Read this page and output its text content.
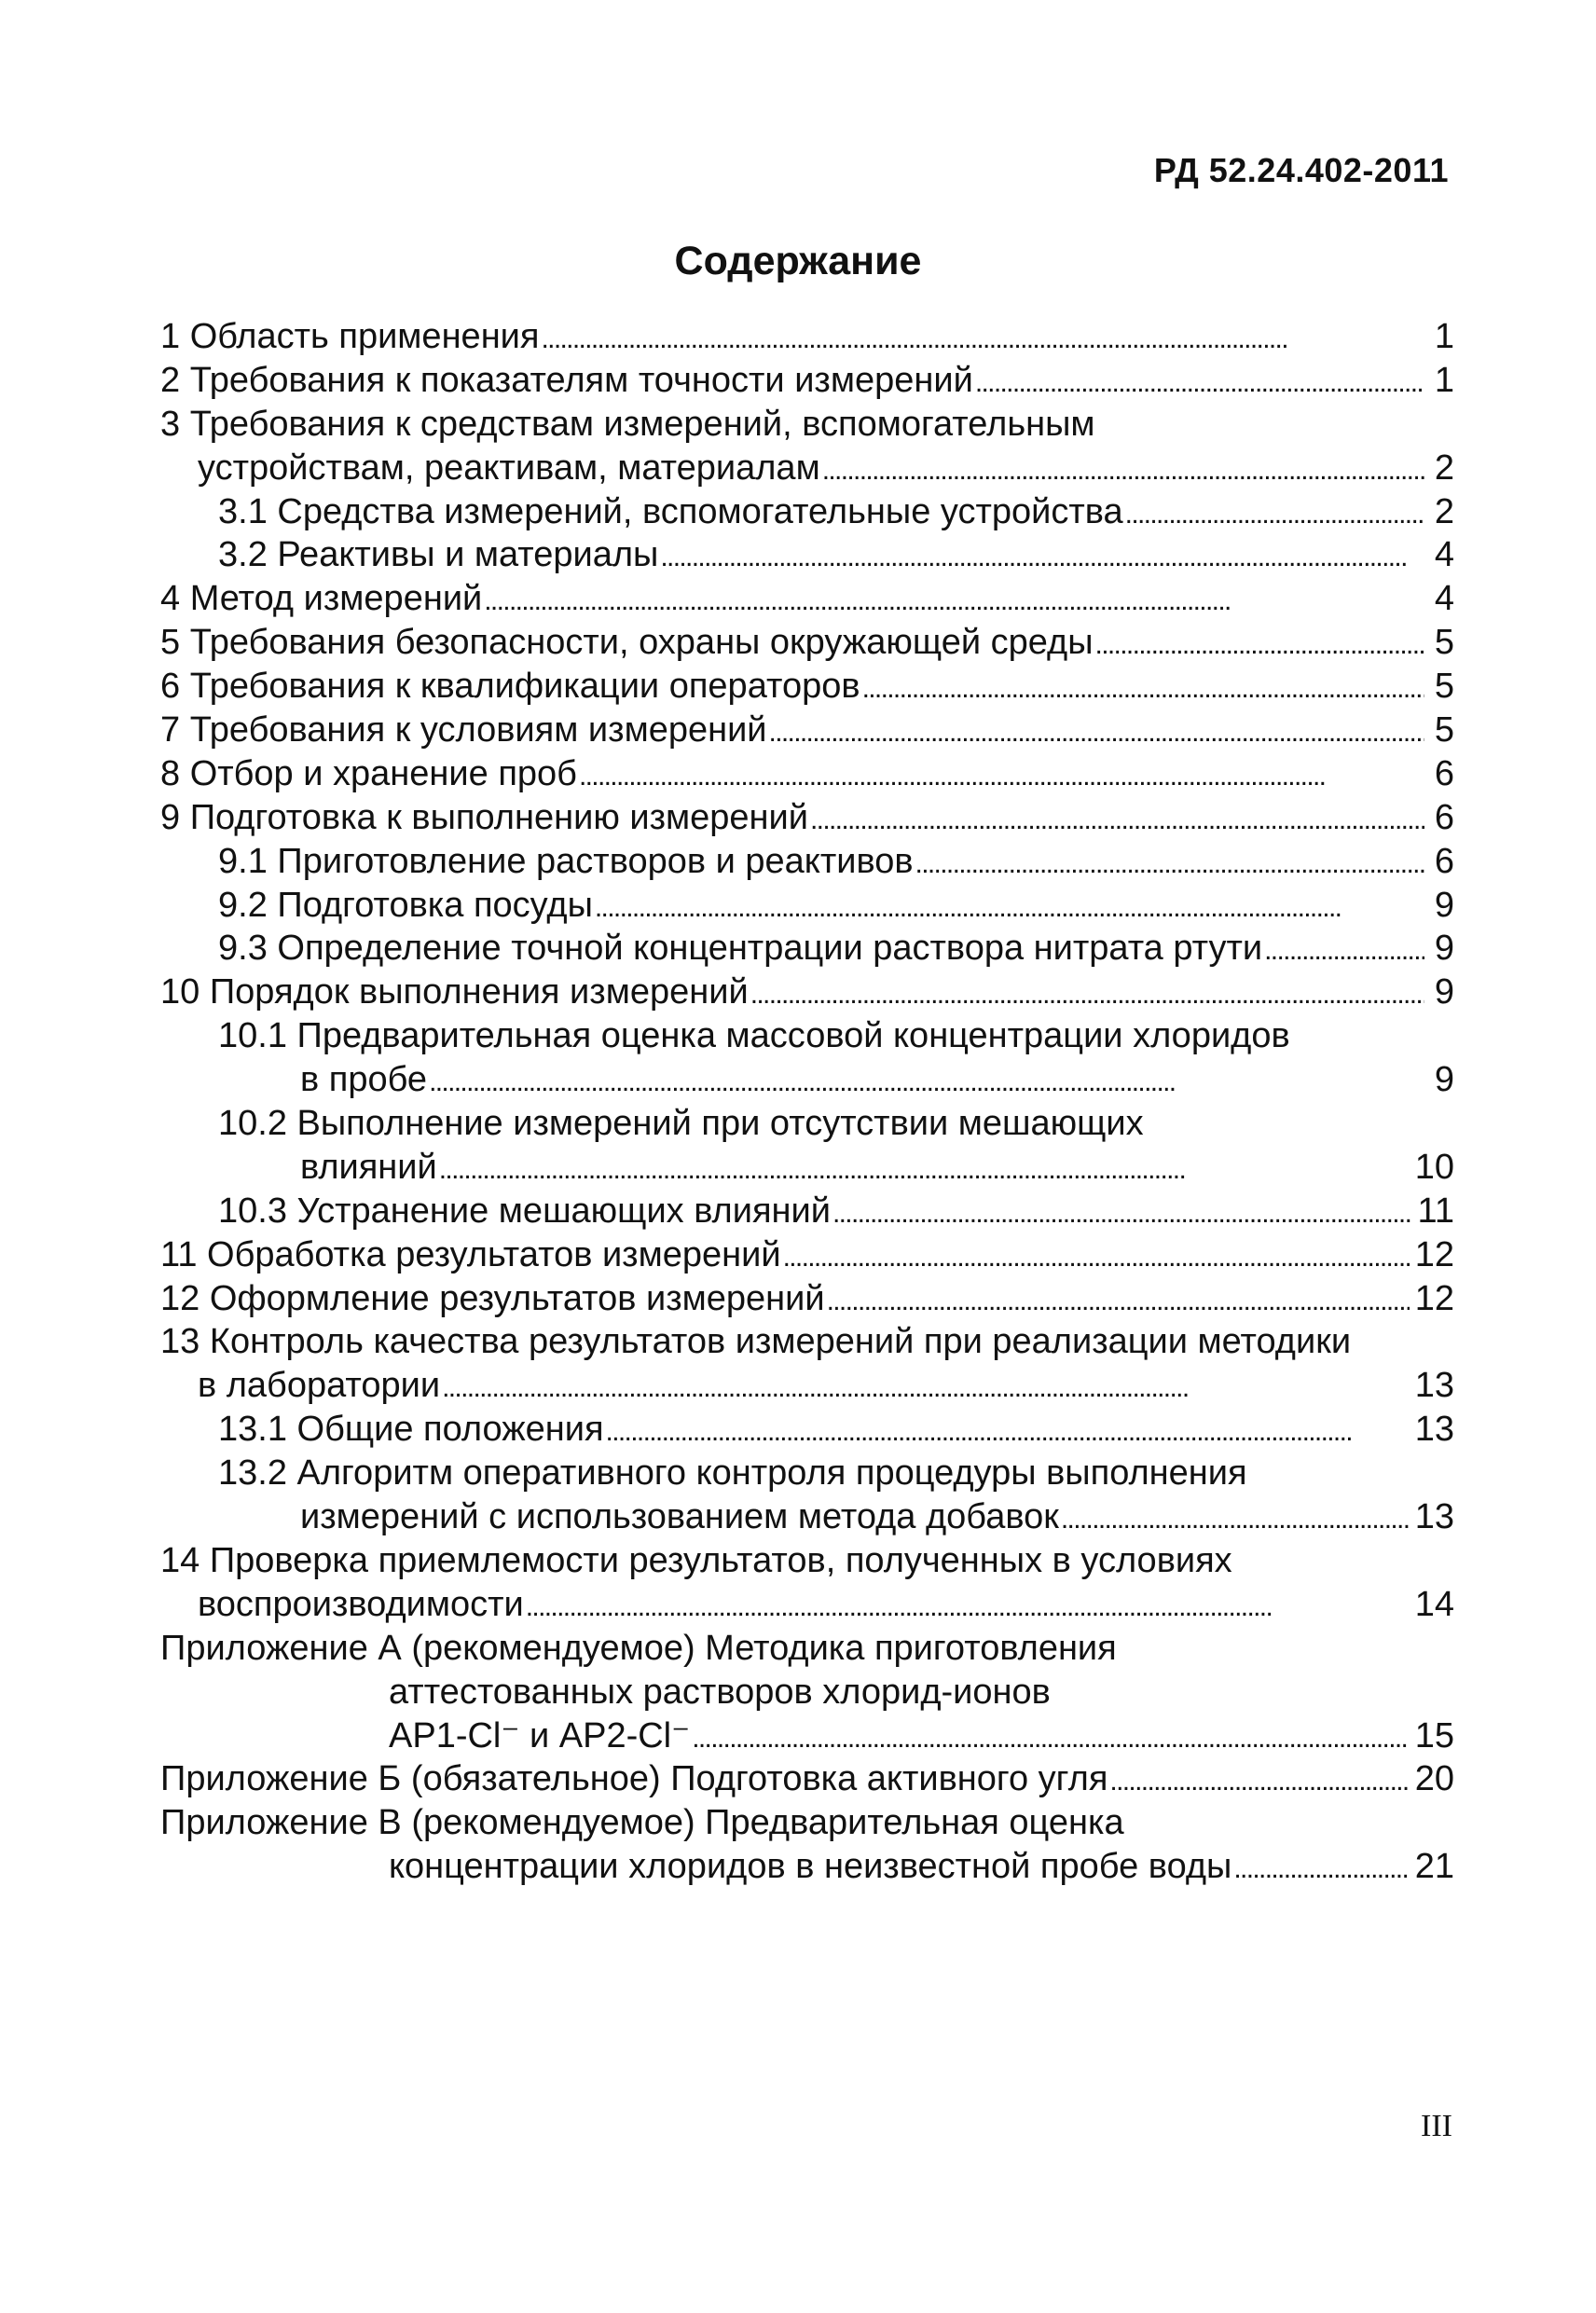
РД 52.24.402-2011
Содержание
1 Область применения . . .	1
2 Требования к показателям точности измерений . . .	1
3 Требования к средствам измерений, вспомогательным
устройствам, реактивам, материалам . . .	2
3.1 Средства измерений, вспомогательные устройства . . .	2
3.2 Реактивы и материалы . . .	4
4 Метод измерений . . .	4
5 Требования безопасности, охраны окружающей среды . . .	5
6 Требования к квалификации операторов . . .	5
7 Требования к условиям измерений . . .	5
8 Отбор и хранение проб . . .	6
9 Подготовка к выполнению измерений . . .	6
9.1 Приготовление растворов и реактивов . . .	6
9.2 Подготовка посуды . . .	9
9.3 Определение точной концентрации раствора нитрата ртути . . .	9
10 Порядок выполнения измерений . . .	9
10.1 Предварительная оценка массовой концентрации хлоридов
в пробе . . .	9
10.2 Выполнение измерений при отсутствии мешающих
влияний . . .	10
10.3 Устранение мешающих влияний . . .	11
11 Обработка результатов измерений . . .	12
12 Оформление результатов измерений . . .	12
13 Контроль качества результатов измерений при реализации методики
в лаборатории . . .	13
13.1 Общие положения . . .	13
13.2 Алгоритм оперативного контроля процедуры выполнения
измерений с использованием метода добавок . . .	13
14 Проверка приемлемости результатов, полученных в условиях
воспроизводимости . . .	14
Приложение А (рекомендуемое) Методика приготовления
аттестованных растворов хлорид-ионов
АР1-Cl⁻ и АР2-Cl⁻ . . .	15
Приложение Б (обязательное) Подготовка активного угля . . .	20
Приложение В (рекомендуемое) Предварительная оценка
концентрации хлоридов в неизвестной пробе воды . . .	21
III
